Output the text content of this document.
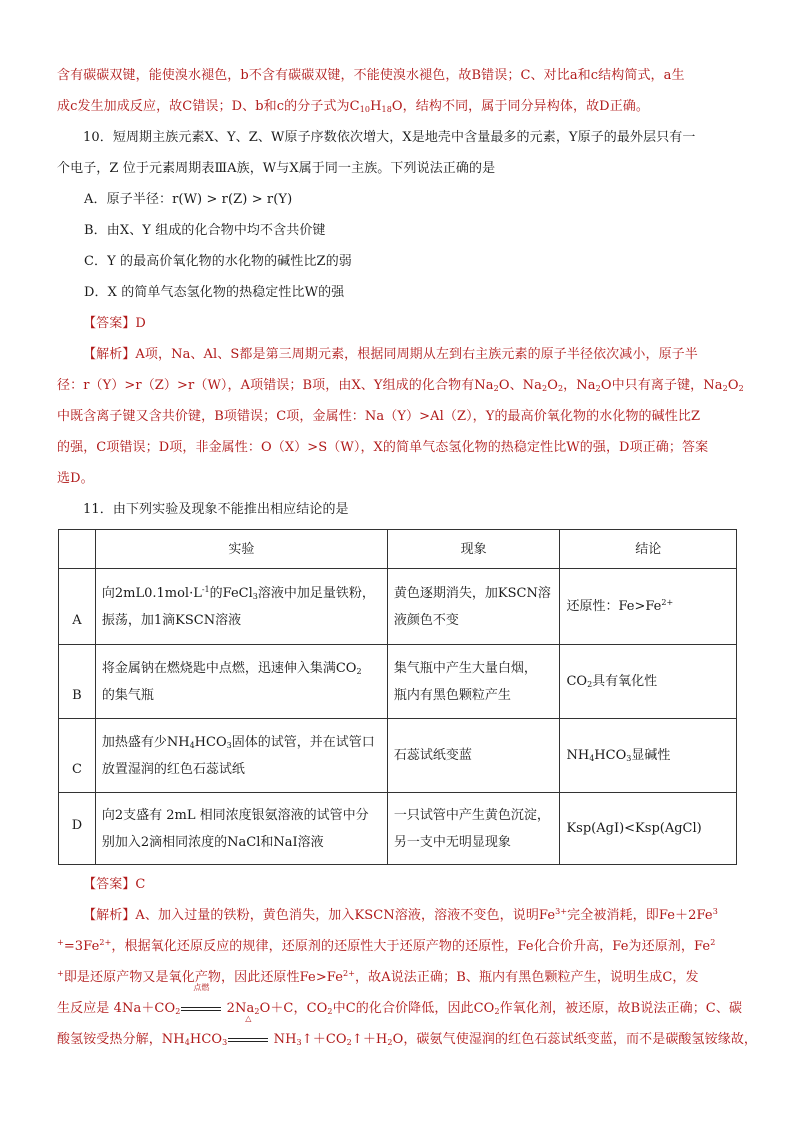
含有碳碳双键，能使溴水褪色，b不含有碳碳双键，不能使溴水褪色，故B错误；C、对比a和c结构简式，a生

成c发生加成反应，故C错误；D、b和c的分子式为$C_{10}H_{18}O$，结构不同，属于同分异构体，故D正确。

10．短周期主族元素X、Y、Z、W原子序数依次增大，X是地壳中含量最多的元素，Y原子的最外层只有一

个电子，Z 位于元素周期表ⅢA族，W与X属于同一主族。下列说法正确的是

A．原子半径：r(W) > r(Z) > r(Y)

B．由X、Y 组成的化合物中均不含共价键

C．Y 的最高价氧化物的水化物的碱性比Z的弱

D．X 的简单气态氢化物的热稳定性比W的强

【答案】D

【解析】A项，Na、Al、S都是第三周期元素，根据同周期从左到右主族元素的原子半径依次减小，原子半

径：r（Y）>r（Z）>r（W），A项错误；B项，由X、Y组成的化合物有$Na_2O$、$Na_2O_2$，$Na_2O$中只有离子键，$Na_2O_2$

中既含离子键又含共价键，B项错误；C项，金属性：Na（Y）>Al（Z），Y的最高价氧化物的水化物的碱性比Z

的强，C项错误；D项，非金属性：O（X）>S（W），X的简单气态氢化物的热稳定性比W的强，D项正确；答案

选D。

11．由下列实验及现象不能推出相应结论的是

	实验	现象	结论

A	向$2mL0.1mol\cdot L^{-1}$的FeCl$_3$溶液中加足量铁粉，
振荡，加1滴KSCN溶液	黄色逐期消失，加KSCN溶
液颜色不变	还原性：$Fe>Fe^{2+}$

B	将金属钠在燃烧匙中点燃，迅速伸入集满$CO_2$
的集气瓶	集气瓶中产生大量白烟，
瓶内有黑色颗粒产生	$CO_2$具有氧化性

C	加热盛有少$NH_4HCO_3$固体的试管，并在试管口
放置湿润的红色石蕊试纸	石蕊试纸变蓝	$NH_4HCO_3$显碱性

D	向2支盛有 2mL 相同浓度银氨溶液的试管中分
别加入2滴相同浓度的NaCl和NaI溶液	一只试管中产生黄色沉淀，
另一支中无明显现象	Ksp(AgI)<Ksp(AgCl)

【答案】C

【解析】A、加入过量的铁粉，黄色消失，加入KSCN溶液，溶液不变色，说明$Fe^{3+}$完全被消耗，即$Fe+2Fe^3$

$^+=3Fe^{2+}$，根据氧化还原反应的规律，还原剂的还原性大于还原产物的还原性，Fe化合价升高，Fe为还原剂，Fe$^2$

+即是还原产物又是氧化产物，因此还原性$Fe>Fe^{2+}$，故A说法正确；B、瓶内有黑色颗粒产生，说明生成C，发

生反应是 $4Na+CO_2$
点燃
$2Na_2O+C$，$CO_2$中C的化合价降低，因此$CO_2$作氧化剂，被还原，故B说法正确；C、碳

酸氢铵受热分解，$NH_4HCO_3$
△
$NH_3↑+CO_2↑+H_2O$，碳氨气使湿润的红色石蕊试纸变蓝，而不是碳酸氢铵缘故，
